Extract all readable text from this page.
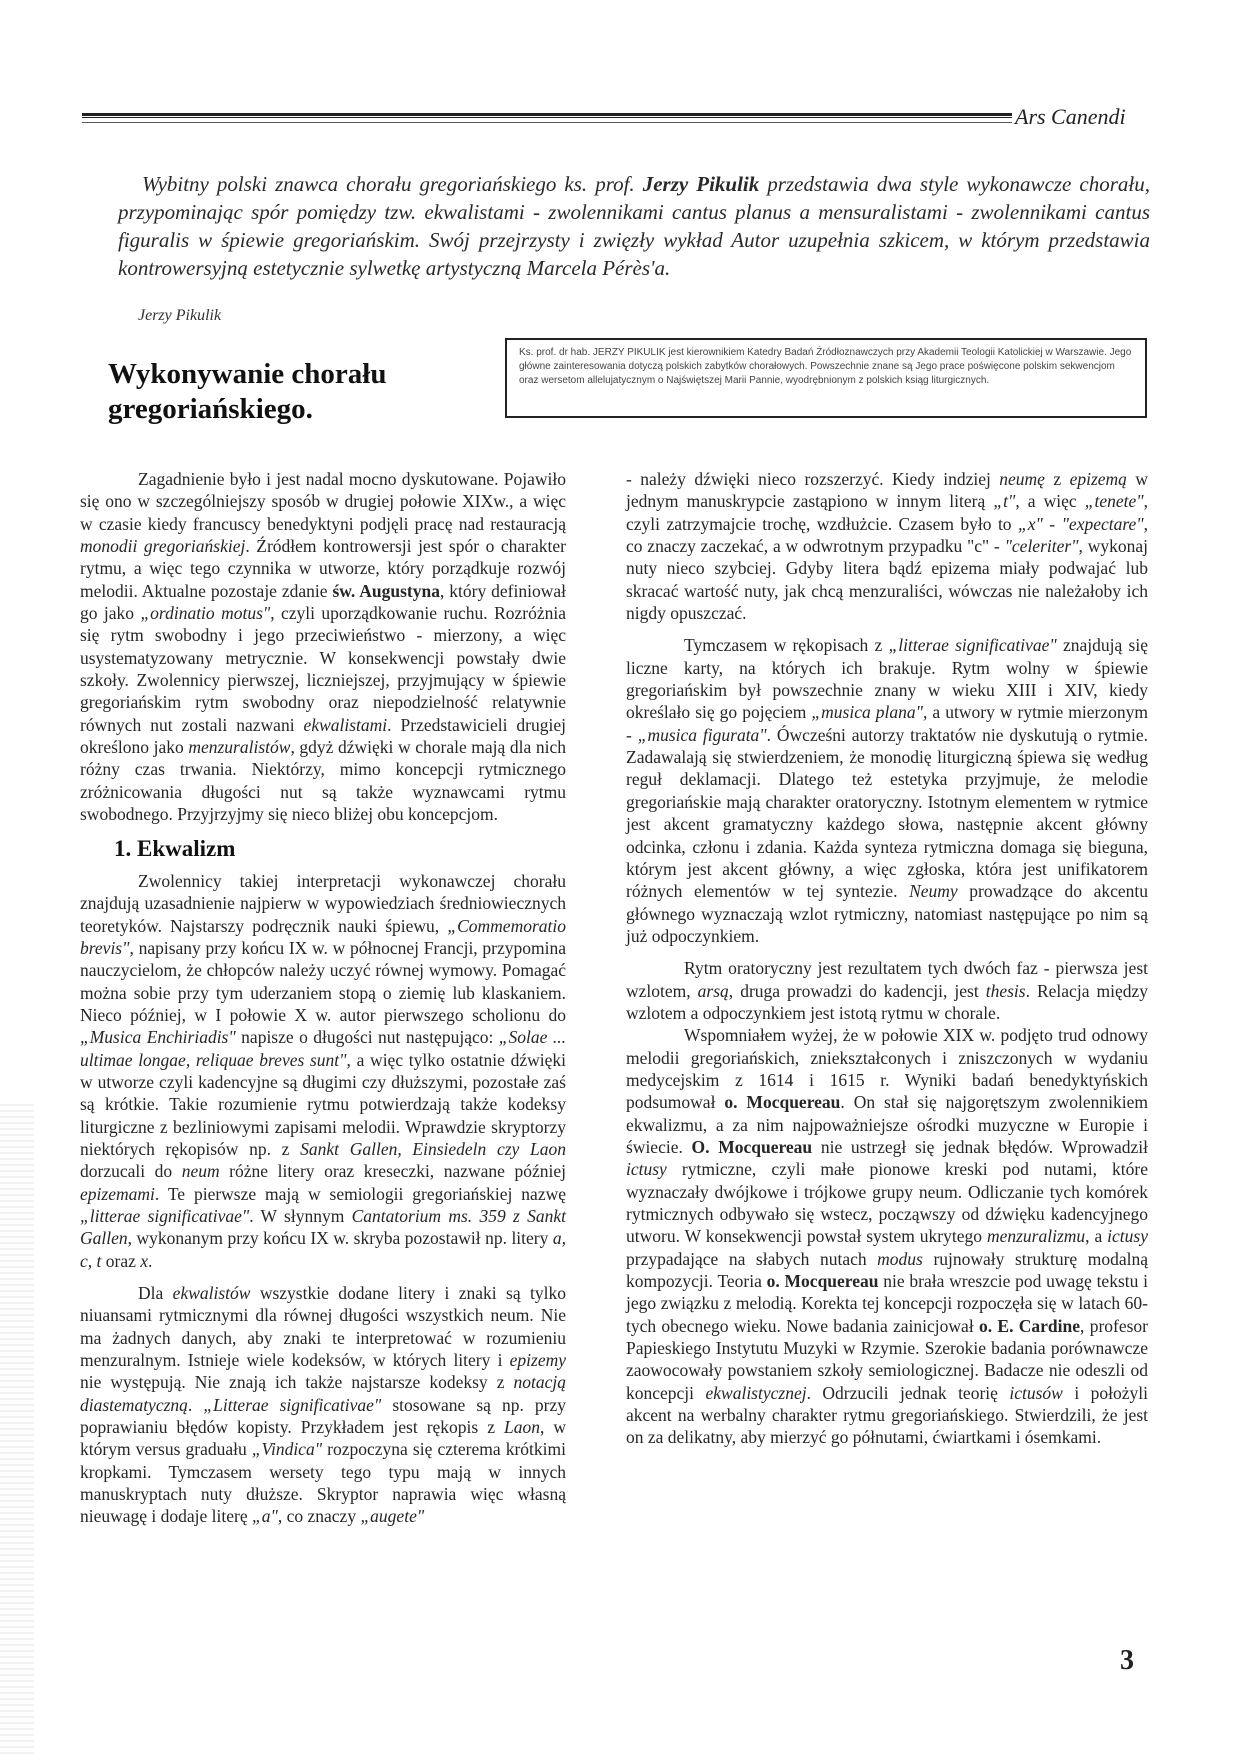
Ars Canendi
Wybitny polski znawca chorału gregoriańskiego ks. prof. Jerzy Pikulik przedstawia dwa style wykonawcze chorału, przypominając spór pomiędzy tzw. ekwalistami - zwolennikami cantus planus a mensuralistami - zwolennikami cantus figuralis w śpiewie gregoriańskim. Swój przejrzysty i zwięzły wykład Autor uzupełnia szkicem, w którym przedstawia kontrowersyjną estetycznie sylwetkę artystyczną Marcela Pérès'a.
Jerzy Pikulik
Wykonywanie chorału gregoriańskiego.
Ks. prof. dr hab. JERZY PIKULIK jest kierownikiem Katedry Badań Źródłoznawczych przy Akademii Teologii Katolickiej w Warszawie. Jego główne zainteresowania dotyczą polskich zabytków chorałowych. Powszechnie znane są Jego prace poświęcone polskim sekwencjom oraz wersetom allelujatycznym o Najświętszej Marii Pannie, wyodrębnionym z polskich ksiąg liturgicznych.

Zagadnienie było i jest nadal mocno dyskutowane. Pojawiło się ono w szczególniejszy sposób w drugiej połowie XIXw., a więc w czasie kiedy francuscy benedyktyni podjęli pracę nad restauracją monodii gregoriańskiej. Źródłem kontrowersji jest spór o charakter rytmu, a więc tego czynnika w utworze, który porządkuje rozwój melodii. Aktualne pozostaje zdanie św. Augustyna, który definiował go jako „ordinatio motus", czyli uporządkowanie ruchu. Rozróżnia się rytm swobodny i jego przeciwieństwo - mierzony, a więc usystematyzowany metrycznie. W konsekwencji powstały dwie szkoły. Zwolennicy pierwszej, liczniejszej, przyjmujący w śpiewie gregoriańskim rytm swobodny oraz niepodzielność relatywnie równych nut zostali nazwani ekwalistami. Przedstawicieli drugiej określono jako menzuralistów, gdyż dźwięki w chorale mają dla nich różny czas trwania. Niektórzy, mimo koncepcji rytmicznego zróżnicowania długości nut są także wyznawcami rytmu swobodnego. Przyjrzyjmy się nieco bliżej obu koncepcjom.

1. Ekwalizm

Zwolennicy takiej interpretacji wykonawczej chorału znajdują uzasadnienie najpierw w wypowiedziach średniowiecznych teoretyków. Najstarszy podręcznik nauki śpiewu, „Commemoratio brevis", napisany przy końcu IX w. w północnej Francji, przypomina nauczycielom, że chłopców należy uczyć równej wymowy. Pomagać można sobie przy tym uderzaniem stopą o ziemię lub klaskaniem. Nieco później, w I połowie X w. autor pierwszego scholionu do „Musica Enchiriadis" napisze o długości nut następująco: „Solae ... ultimae longae, reliquae breves sunt", a więc tylko ostatnie dźwięki w utworze czyli kadencyjne są długimi czy dłuższymi, pozostałe zaś są krótkie. Takie rozumienie rytmu potwierdzają także kodeksy liturgiczne z bezliniowymi zapisami melodii. Wprawdzie skryptorzy niektórych rękopisów np. z Sankt Gallen, Einsiedeln czy Laon dorzucali do neum różne litery oraz kreseczki, nazwane później epizemami. Te pierwsze mają w semiologii gregoriańskiej nazwę „litterae significativae". W słynnym Cantatorium ms. 359 z Sankt Gallen, wykonanym przy końcu IX w. skryba pozostawił np. litery a, c, t oraz x.

Dla ekwalistów wszystkie dodane litery i znaki są tylko niuansami rytmicznymi dla równej długości wszystkich neum. Nie ma żadnych danych, aby znaki te interpretować w rozumieniu menzuralnym. Istnieje wiele kodeksów, w których litery i epizemy nie występują. Nie znają ich także najstarsze kodeksy z notacją diastematyczną. „Litterae significativae" stosowane są np. przy poprawianiu błędów kopisty. Przykładem jest rękopis z Laon, w którym versus graduału „Vindica" rozpoczyna się czterema krótkimi kropkami. Tymczasem wersety tego typu mają w innych manuskryptach nuty dłuższe. Skryptor naprawia więc własną nieuwagę i dodaje literę „a", co znaczy „augete"

- należy dźwięki nieco rozszerzyć. Kiedy indziej neumę z epizemą w jednym manuskrypcie zastąpiono w innym literą „t", a więc „tenete", czyli zatrzymajcie trochę, wzdłużcie. Czasem było to „x" - "expectare", co znaczy zaczekać, a w odwrotnym przypadku "c" - "celeriter", wykonaj nuty nieco szybciej. Gdyby litera bądź epizema miały podwajać lub skracać wartość nuty, jak chcą menzuraliści, wówczas nie należałoby ich nigdy opuszczać.

Tymczasem w rękopisach z „litterae significativae" znajdują się liczne karty, na których ich brakuje. Rytm wolny w śpiewie gregoriańskim był powszechnie znany w wieku XIII i XIV, kiedy określało się go pojęciem „musica plana", a utwory w rytmie mierzonym - „musica figurata". Ówcześni autorzy traktatów nie dyskutują o rytmie. Zadawalają się stwierdzeniem, że monodię liturgiczną śpiewa się według reguł deklamacji. Dlatego też estetyka przyjmuje, że melodie gregoriańskie mają charakter oratoryczny. Istotnym elementem w rytmice jest akcent gramatyczny każdego słowa, następnie akcent główny odcinka, członu i zdania. Każda synteza rytmiczna domaga się bieguna, którym jest akcent główny, a więc zgłoska, która jest unifikatorem różnych elementów w tej syntezie. Neumy prowadzące do akcentu głównego wyznaczają wzlot rytmiczny, natomiast następujące po nim są już odpoczynkiem.

Rytm oratoryczny jest rezultatem tych dwóch faz - pierwsza jest wzlotem, arsą, druga prowadzi do kadencji, jest thesis. Relacja między wzlotem a odpoczynkiem jest istotą rytmu w chorale.

Wspomniałem wyżej, że w połowie XIX w. podjęto trud odnowy melodii gregoriańskich, zniekształconych i zniszczonych w wydaniu medycejskim z 1614 i 1615 r. Wyniki badań benedyktyńskich podsumował o. Mocquereau. On stał się najgorętszym zwolennikiem ekwalizmu, a za nim najpoważniejsze ośrodki muzyczne w Europie i świecie. O. Mocquereau nie ustrzegł się jednak błędów. Wprowadził ictusy rytmiczne, czyli małe pionowe kreski pod nutami, które wyznaczały dwójkowe i trójkowe grupy neum. Odliczanie tych komórek rytmicznych odbywało się wstecz, począwszy od dźwięku kadencyjnego utworu. W konsekwencji powstał system ukrytego menzuralizmu, a ictusy przypadające na słabych nutach modus rujnowały strukturę modalną kompozycji. Teoria o. Mocquereau nie brała wreszcie pod uwagę tekstu i jego związku z melodią. Korekta tej koncepcji rozpoczęła się w latach 60-tych obecnego wieku. Nowe badania zainicjował o. E. Cardine, profesor Papieskiego Instytutu Muzyki w Rzymie. Szerokie badania porównawcze zaowocowały powstaniem szkoły semiologicznej. Badacze nie odeszli od koncepcji ekwalistycznej. Odrzucili jednak teorię ictusów i położyli akcent na werbalny charakter rytmu gregoriańskiego. Stwierdzili, że jest on za delikatny, aby mierzyć go półnutami, ćwiartkami i ósemkami.

3
